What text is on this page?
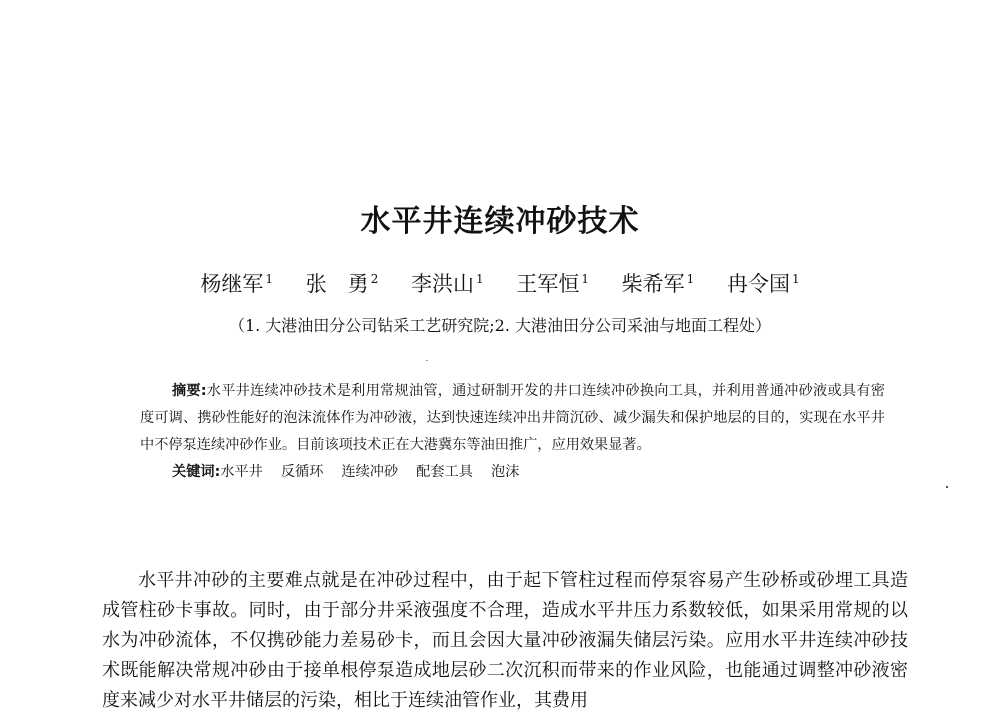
水平井连续冲砂技术
杨继军 $^1$ 张　勇 $^2$ 李洪山 $^1$ 王军恒 $^1$ 柴希军 $^1$ 冉令国 $^1$
（1. 大港油田分公司钻采工艺研究院;2. 大港油田分公司采油与地面工程处）

摘要:水平井连续冲砂技术是利用常规油管，通过研制开发的井口连续冲砂换向工具，并利用普通冲砂液或具有密度可调、携砂性能好的泡沫流体作为冲砂液，达到快速连续冲出井筒沉砂、减少漏失和保护地层的目的，实现在水平井中不停泵连续冲砂作业。目前该项技术正在大港冀东等油田推广，应用效果显著。

关键词:水平井 反循环 连续冲砂 配套工具 泡沫

水平井冲砂的主要难点就是在冲砂过程中，由于起下管柱过程而停泵容易产生砂桥或砂埋工具造成管柱砂卡事故。同时，由于部分井采液强度不合理，造成水平井压力系数较低，如果采用常规的以水为冲砂流体，不仅携砂能力差易砂卡，而且会因大量冲砂液漏失储层污染。应用水平井连续冲砂技术既能解决常规冲砂由于接单根停泵造成地层砂二次沉积而带来的作业风险，也能通过调整冲砂液密度来减少对水平井储层的污染，相比于连续油管作业，其费用
